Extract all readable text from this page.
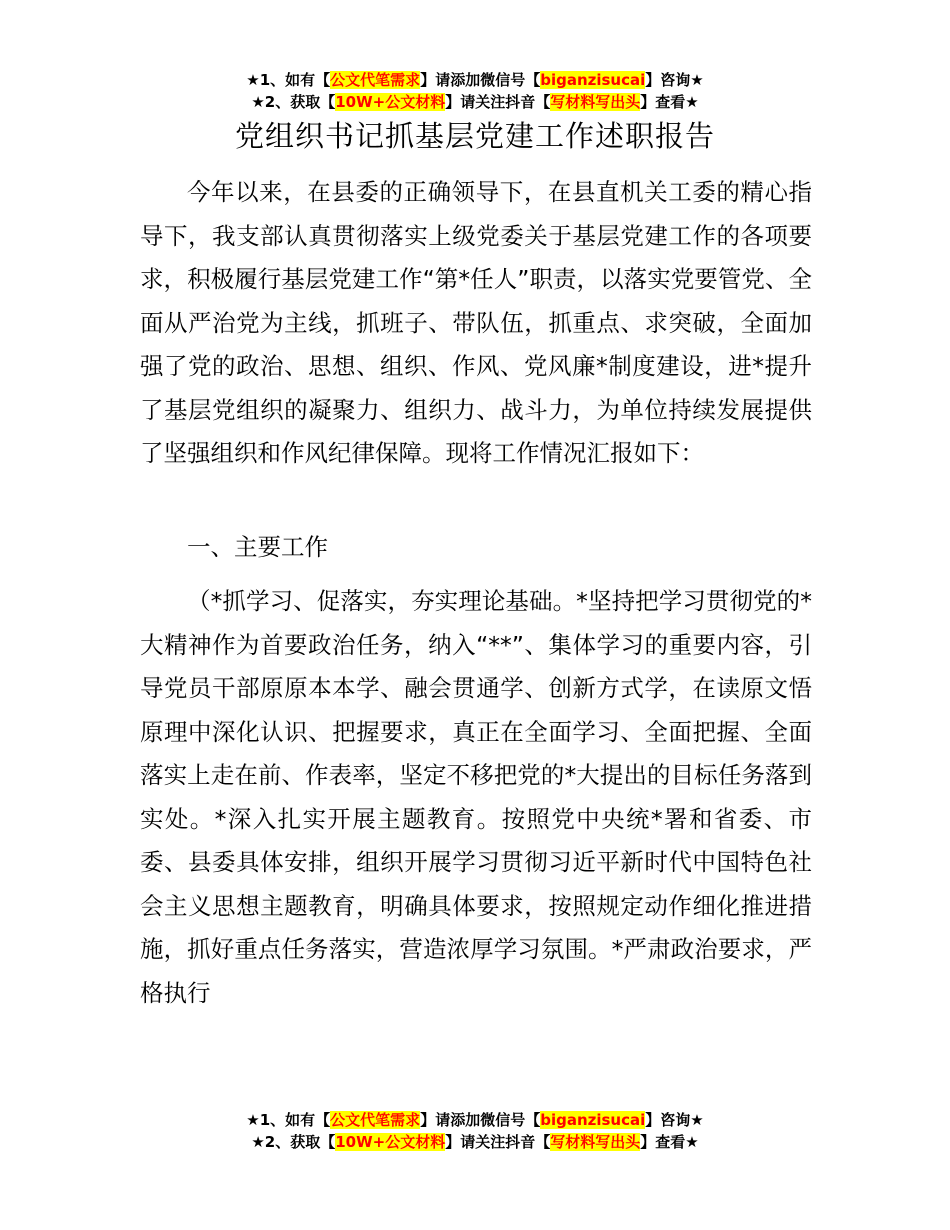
★1、如有【公文代笔需求】请添加微信号【biganzisucai】咨询★
★2、获取【10W+公文材料】请关注抖音【写材料写出头】查看★
党组织书记抓基层党建工作述职报告

今年以来，在县委的正确领导下，在县直机关工委的精心指导下，我支部认真贯彻落实上级党委关于基层党建工作的各项要求，积极履行基层党建工作“第*任人”职责，以落实党要管党、全面从严治党为主线，抓班子、带队伍，抓重点、求突破，全面加强了党的政治、思想、组织、作风、党风廉*制度建设，进*提升了基层党组织的凝聚力、组织力、战斗力，为单位持续发展提供了坚强组织和作风纪律保障。现将工作情况汇报如下：

一、主要工作

（*抓学习、促落实，夯实理论基础。*坚持把学习贯彻党的*大精神作为首要政治任务，纳入“**”、集体学习的重要内容，引导党员干部原原本本学、融会贯通学、创新方式学，在读原文悟原理中深化认识、把握要求，真正在全面学习、全面把握、全面落实上走在前、作表率，坚定不移把党的*大提出的目标任务落到实处。*深入扎实开展主题教育。按照党中央统*署和省委、市委、县委具体安排，组织开展学习贯彻习近平新时代中国特色社会主义思想主题教育，明确具体要求，按照规定动作细化推进措施，抓好重点任务落实，营造浓厚学习氛围。*严肃政治要求，严格执行

★1、如有【公文代笔需求】请添加微信号【biganzisucai】咨询★
★2、获取【10W+公文材料】请关注抖音【写材料写出头】查看★
